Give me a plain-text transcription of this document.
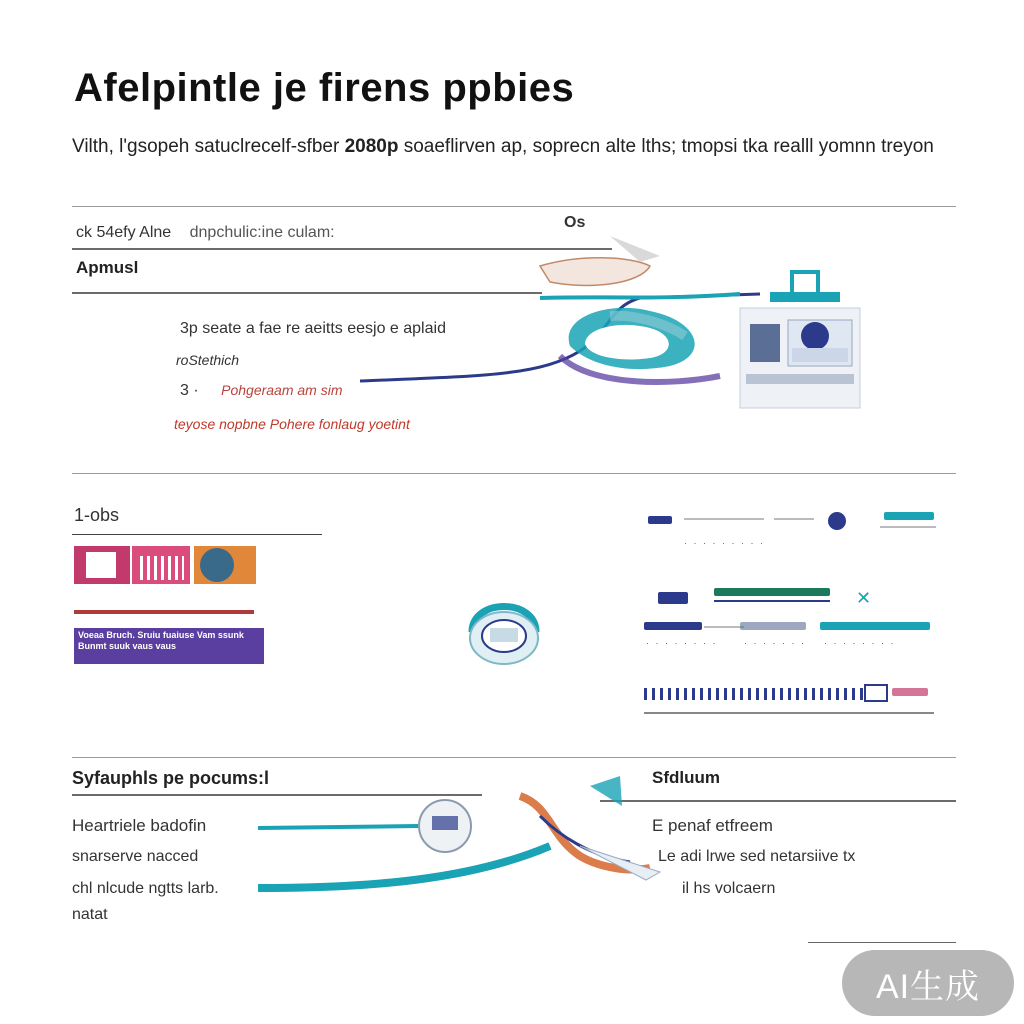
Afelpintle je firens ppbies
Vilth, l'gsopeh satuclrecelf-sfber 2080p soaeflirven ap, soprecn alte lths; tmopsi tka realll yomnn treyon
ck 54efy Alne dnpchulic:ine culam:
Os
Apmusl
3p seate a fae re aeitts eesjo e aplaid
roStethich
3 · Pohgeraam am sim
teyose nopbne Pohere fonlaug yoetint
1-obs
Voeaa Bruch. Sruiu fuaiuse Vam ssunk Bunmt suuk vaus vaus
· · · · · · · · ·
✕
· · · · · · · ·	· · · · · · · · · · · · · · ·
Syfauphls pe pocums:l	Sfdluum
Heartriele badofin
snarserve nacced
chl nlcude ngtts larb.
natat
E penaf etfreem
Le adi lrwe sed netarsiive tx
il hs volcaern
AI生成
